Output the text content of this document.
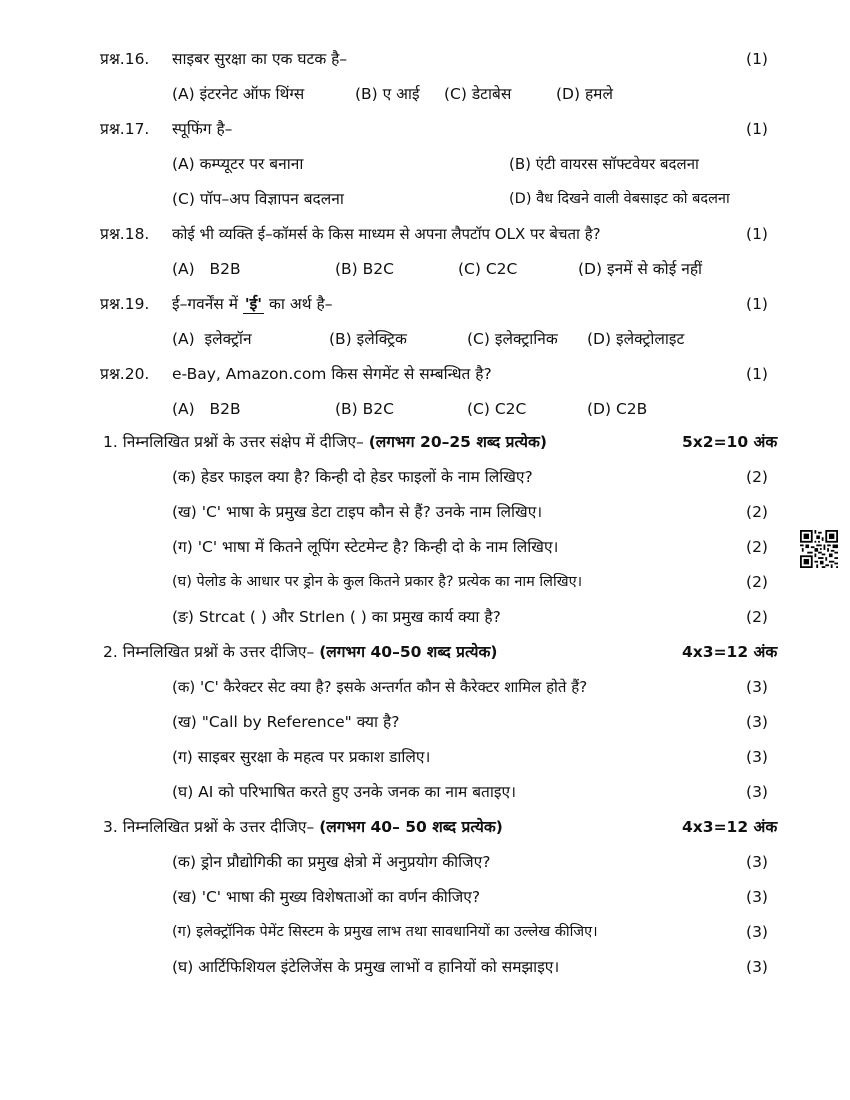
प्रश्न.16. साइबर सुरक्षा का एक घटक है–	(1)
(A) इंटरनेट ऑफ थिंग्स	(B) ए आई (C) डेटाबेस	(D) हमले
प्रश्न.17. स्पूफिंग है–	(1)
(A) कम्प्यूटर पर बनाना	(B) एंटी वायरस सॉफ्टवेयर बदलना
(C) पॉप–अप विज्ञापन बदलना	(D) वैध दिखने वाली वेबसाइट को बदलना
प्रश्न.18. कोई भी व्यक्ति ई–कॉमर्स के किस माध्यम से अपना लैपटॉप OLX पर बेचता है?	(1)
(A)   B2B	(B) B2C	(C) C2C	(D) इनमें से कोई नहीं
प्रश्न.19. ई–गवर्नेंस में 'ई' का अर्थ है–	(1)
(A)  इलेक्ट्रॉन	(B) इलेक्ट्रिक	(C) इलेक्ट्रानिक (D) इलेक्ट्रोलाइट
प्रश्न.20. e-Bay, Amazon.com किस सेगमेंट से सम्बन्धित है?	(1)
(A)   B2B	(B) B2C	(C) C2C	(D) C2B
1. निम्नलिखित प्रश्नों के उत्तर संक्षेप में दीजिए– (लगभग 20–25 शब्द प्रत्येक)	5x2=10 अंक
(क) हेडर फाइल क्या है? किन्ही दो हेडर फाइलों के नाम लिखिए?	(2)
(ख) 'C' भाषा के प्रमुख डेटा टाइप कौन से हैं? उनके नाम लिखिए।	(2)
(ग) 'C' भाषा में कितने लूपिंग स्टेटमेन्ट है? किन्ही दो के नाम लिखिए।	(2)
(घ) पेलोड के आधार पर ड्रोन के कुल कितने प्रकार है? प्रत्येक का नाम लिखिए।	(2)
(ङ) Strcat ( ) और Strlen ( ) का प्रमुख कार्य क्या है?	(2)
2. निम्नलिखित प्रश्नों के उत्तर दीजिए– (लगभग 40–50 शब्द प्रत्येक)	4x3=12 अंक
(क) 'C' कैरेक्टर सेट क्या है? इसके अन्तर्गत कौन से कैरेक्टर शामिल होते हैं?	(3)
(ख) "Call by Reference" क्या है?	(3)
(ग) साइबर सुरक्षा के महत्व पर प्रकाश डालिए।	(3)
(घ) AI को परिभाषित करते हुए उनके जनक का नाम बताइए।	(3)
3. निम्नलिखित प्रश्नों के उत्तर दीजिए– (लगभग 40– 50 शब्द प्रत्येक)	4x3=12 अंक
(क) ड्रोन प्रौद्योगिकी का प्रमुख क्षेत्रो में अनुप्रयोग कीजिए?	(3)
(ख) 'C' भाषा की मुख्य विशेषताओं का वर्णन कीजिए?	(3)
(ग) इलेक्ट्रॉनिक पेमेंट सिस्टम के प्रमुख लाभ तथा सावधानियों का उल्लेख कीजिए।	(3)
(घ) आर्टिफिशियल इंटेलिजेंस के प्रमुख लाभों व हानियों को समझाइए।	(3)
